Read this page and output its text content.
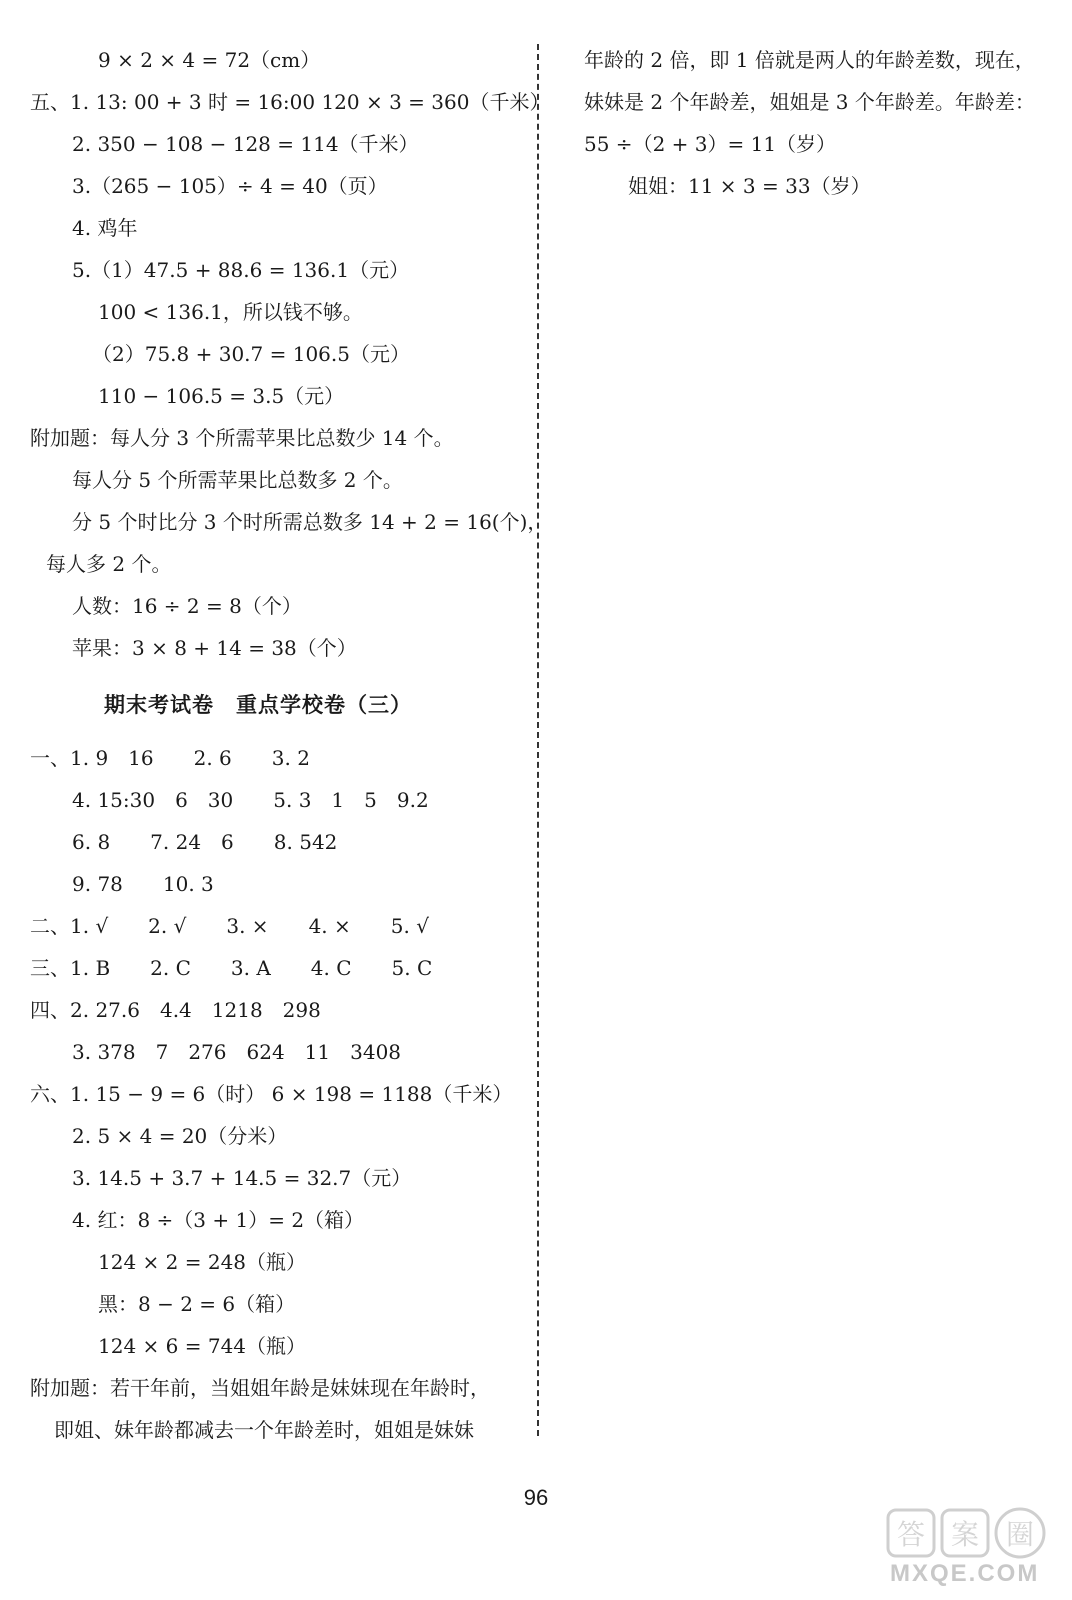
9 × 2 × 4 = 72（cm）
五、1. 13: 00 + 3 时 = 16:00 120 × 3 = 360（千米）
2. 350 − 108 − 128 = 114（千米）
3.（265 − 105）÷ 4 = 40（页）
4. 鸡年
5.（1）47.5 + 88.6 = 136.1（元）
100 < 136.1，所以钱不够。
（2）75.8 + 30.7 = 106.5（元）
110 − 106.5 = 3.5（元）
附加题：每人分 3 个所需苹果比总数少 14 个。
每人分 5 个所需苹果比总数多 2 个。
分 5 个时比分 3 个时所需总数多 14 + 2 = 16(个)，
每人多 2 个。
人数：16 ÷ 2 = 8（个）
苹果：3 × 8 + 14 = 38（个）
期末考试卷　重点学校卷（三）
一、1. 9　16　　2. 6　　3. 2
4. 15:30　6　30　　5. 3　1　5　9.2
6. 8　　7. 24　6　　8. 542
9. 78　　10. 3
二、1. √　　2. √　　3. ×　　4. ×　　5. √
三、1. B　　2. C　　3. A　　4. C　　5. C
四、2. 27.6　4.4　1218　298
3. 378　7　276　624　11　3408
六、1. 15 − 9 = 6（时） 6 × 198 = 1188（千米）
2. 5 × 4 = 20（分米）
3. 14.5 + 3.7 + 14.5 = 32.7（元）
4. 红：8 ÷（3 + 1）= 2（箱）
124 × 2 = 248（瓶）
黑：8 − 2 = 6（箱）
124 × 6 = 744（瓶）
附加题：若干年前，当姐姐年龄是妹妹现在年龄时，
即姐、妹年龄都减去一个年龄差时，姐姐是妹妹
年龄的 2 倍，即 1 倍就是两人的年龄差数，现在，
妹妹是 2 个年龄差，姐姐是 3 个年龄差。年龄差：
55 ÷（2 + 3）= 11（岁）
姐姐：11 × 3 = 33（岁）
96
答 案 圈
MXQE.COM
